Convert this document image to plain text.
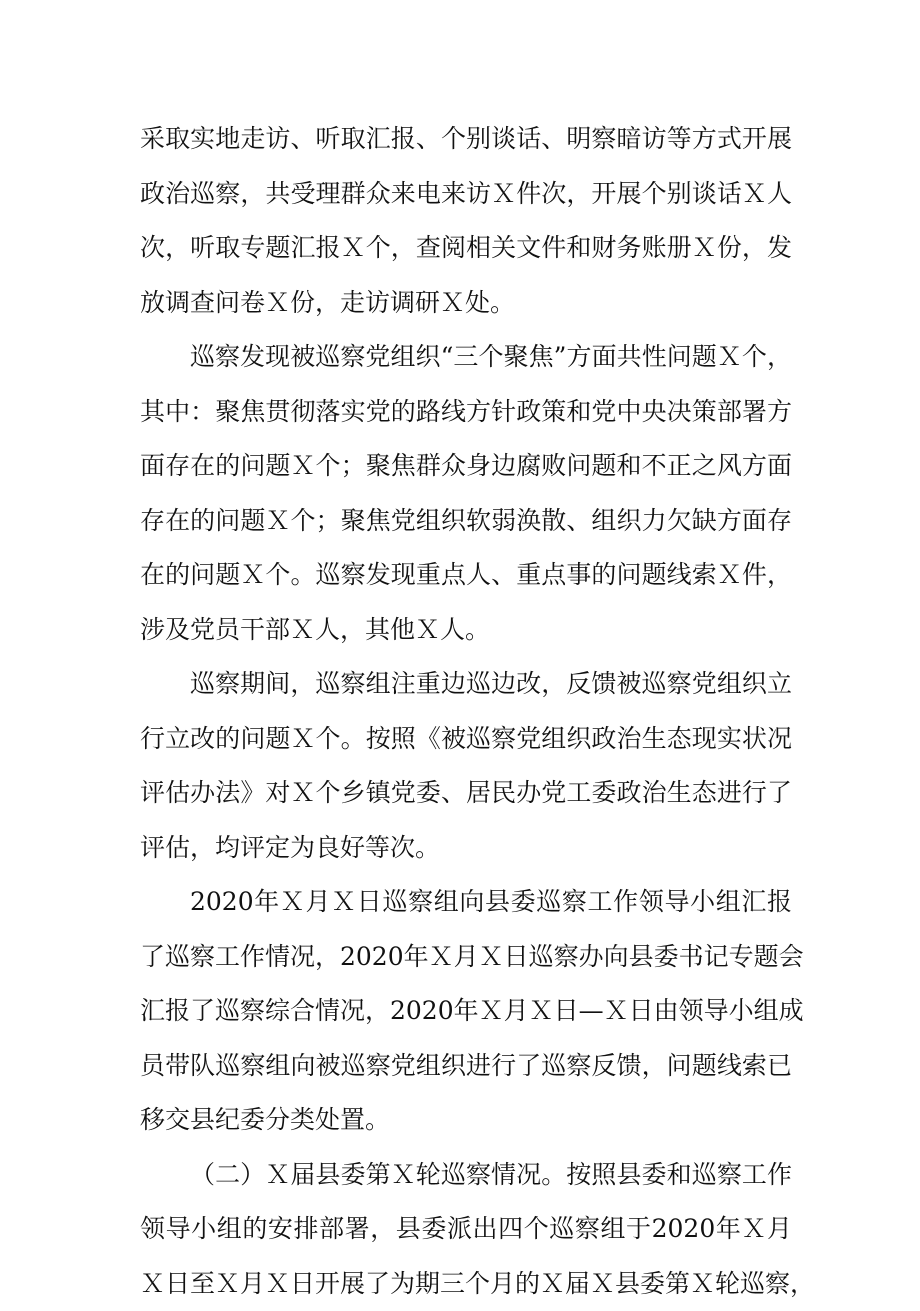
采取实地走访、听取汇报、个别谈话、明察暗访等方式开展
政治巡察，共受理群众来电来访Ｘ件次，开展个别谈话Ｘ人
次，听取专题汇报Ｘ个，查阅相关文件和财务账册Ｘ份，发
放调查问卷Ｘ份，走访调研Ｘ处。
巡察发现被巡察党组织“三个聚焦”方面共性问题Ｘ个，
其中：聚焦贯彻落实党的路线方针政策和党中央决策部署方
面存在的问题Ｘ个；聚焦群众身边腐败问题和不正之风方面
存在的问题Ｘ个；聚焦党组织软弱涣散、组织力欠缺方面存
在的问题Ｘ个。巡察发现重点人、重点事的问题线索Ｘ件，
涉及党员干部Ｘ人，其他Ｘ人。
巡察期间，巡察组注重边巡边改，反馈被巡察党组织立
行立改的问题Ｘ个。按照《被巡察党组织政治生态现实状况
评估办法》对Ｘ个乡镇党委、居民办党工委政治生态进行了
评估，均评定为良好等次。
2020年Ｘ月Ｘ日巡察组向县委巡察工作领导小组汇报
了巡察工作情况，2020年Ｘ月Ｘ日巡察办向县委书记专题会
汇报了巡察综合情况，2020年Ｘ月Ｘ日—Ｘ日由领导小组成
员带队巡察组向被巡察党组织进行了巡察反馈，问题线索已
移交县纪委分类处置。
（二）Ｘ届县委第Ｘ轮巡察情况。按照县委和巡察工作
领导小组的安排部署，县委派出四个巡察组于2020年Ｘ月
Ｘ日至Ｘ月Ｘ日开展了为期三个月的Ｘ届Ｘ县委第Ｘ轮巡察，
